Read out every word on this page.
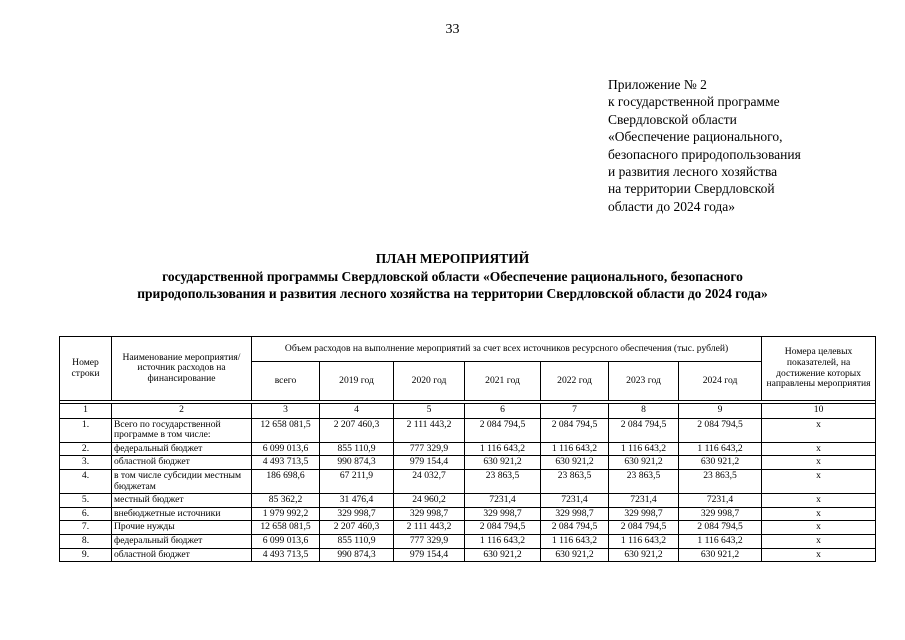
33
Приложение № 2
к государственной программе
Свердловской области
«Обеспечение рационального,
безопасного природопользования
и развития лесного хозяйства
на территории Свердловской
области до 2024 года»
ПЛАН МЕРОПРИЯТИЙ
государственной программы Свердловской области «Обеспечение рационального, безопасного
природопользования и развития лесного хозяйства на территории Свердловской области до 2024 года»
Номер строки	Наименование мероприятия/источник расходов на финансирование	Объем расходов на выполнение мероприятий за счет всех источников ресурсного обеспечения (тыс. рублей)							Номера целевых показателей, на достижение которых направлены мероприятия
		всего	2019 год	2020 год	2021 год	2022 год	2023 год	2024 год	

1	2	3	4	5	6	7	8	9	10
1.	Всего по государственной программе в том числе:	12 658 081,5	2 207 460,3	2 111 443,2	2 084 794,5	2 084 794,5	2 084 794,5	2 084 794,5	x
2.	федеральный бюджет	6 099 013,6	855 110,9	777 329,9	1 116 643,2	1 116 643,2	1 116 643,2	1 116 643,2	x
3.	областной бюджет	4 493 713,5	990 874,3	979 154,4	630 921,2	630 921,2	630 921,2	630 921,2	x
4.	в том числе субсидии местным бюджетам	186 698,6	67 211,9	24 032,7	23 863,5	23 863,5	23 863,5	23 863,5	x
5.	местный бюджет	85 362,2	31 476,4	24 960,2	7231,4	7231,4	7231,4	7231,4	x
6.	внебюджетные источники	1 979 992,2	329 998,7	329 998,7	329 998,7	329 998,7	329 998,7	329 998,7	x
7.	Прочие нужды	12 658 081,5	2 207 460,3	2 111 443,2	2 084 794,5	2 084 794,5	2 084 794,5	2 084 794,5	x
8.	федеральный бюджет	6 099 013,6	855 110,9	777 329,9	1 116 643,2	1 116 643,2	1 116 643,2	1 116 643,2	x
9.	областной бюджет	4 493 713,5	990 874,3	979 154,4	630 921,2	630 921,2	630 921,2	630 921,2	x
